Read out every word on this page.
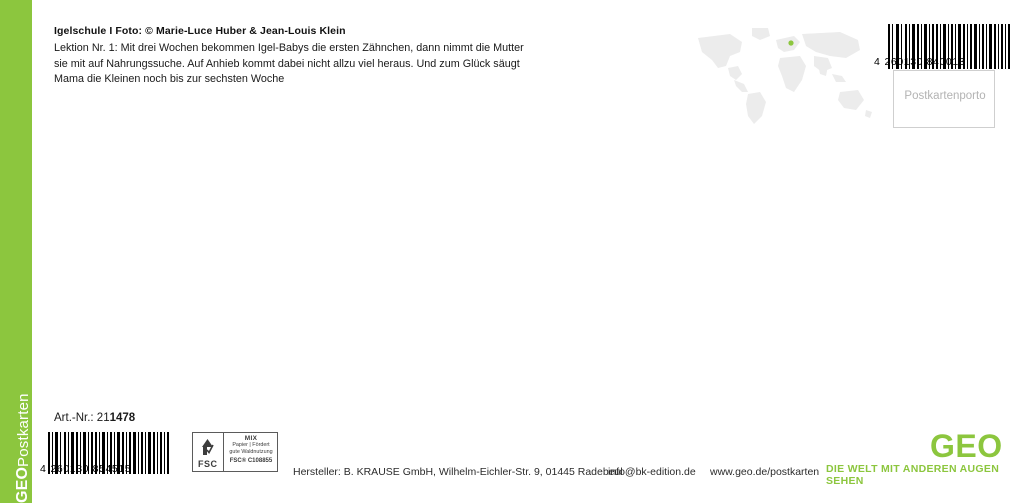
GEO
Postkarten
Igelschule I Foto: © Marie-Luce Huber & Jean-Louis Klein
Lektion Nr. 1: Mit drei Wochen bekommen Igel-Babys die ersten Zähnchen, dann nimmt die Mutter sie mit auf Nahrungssuche. Auf Anhieb kommt dabei nicht allzu viel heraus. Und zum Glück säugt Mama die Kleinen noch bis zur sechsten Woche
4 260130 840013
Postkartenporto
Art.-Nr.: 211478
4 260130 854515	FSC
MIX
Papier | Fördert
gute Waldnutzung
FSC® C108855
Hersteller: B. KRAUSE GmbH, Wilhelm-Eichler-Str. 9, 01445 Radebeul
info@bk-edition.de www.geo.de/postkarten
GEO
DIE WELT MIT ANDEREN AUGEN SEHEN
